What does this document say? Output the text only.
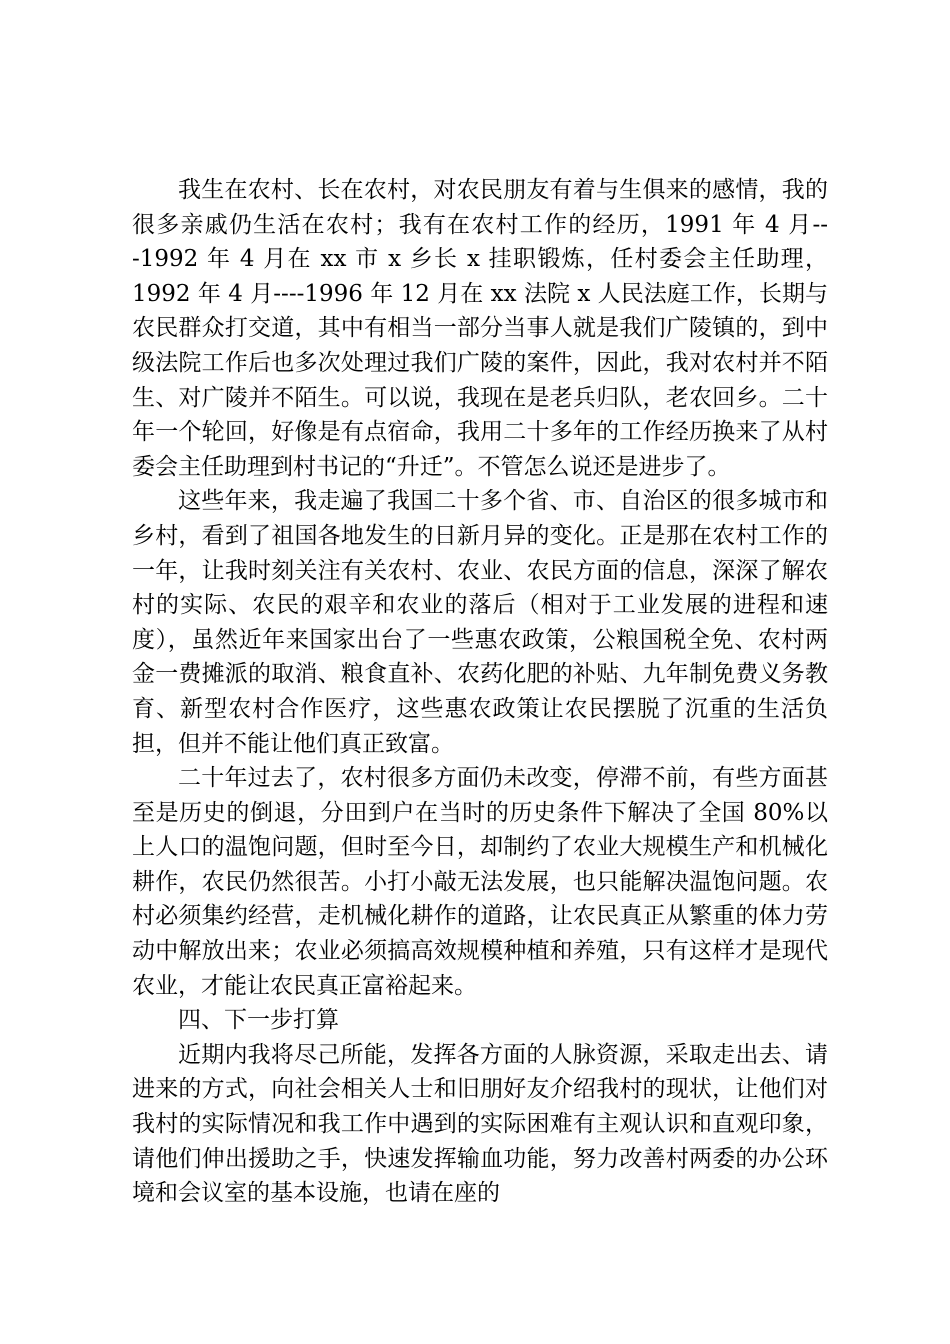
我生在农村、长在农村，对农民朋友有着与生俱来的感情，我的很多亲戚仍生活在农村；我有在农村工作的经历，1991 年 4 月---1992 年 4 月在 xx 市 x 乡长 x 挂职锻炼，任村委会主任助理，1992 年 4 月----1996 年 12 月在 xx 法院 x 人民法庭工作，长期与农民群众打交道，其中有相当一部分当事人就是我们广陵镇的，到中级法院工作后也多次处理过我们广陵的案件，因此，我对农村并不陌生、对广陵并不陌生。可以说，我现在是老兵归队，老农回乡。二十年一个轮回，好像是有点宿命，我用二十多年的工作经历换来了从村委会主任助理到村书记的“升迁”。不管怎么说还是进步了。

这些年来，我走遍了我国二十多个省、市、自治区的很多城市和乡村，看到了祖国各地发生的日新月异的变化。正是那在农村工作的一年，让我时刻关注有关农村、农业、农民方面的信息，深深了解农村的实际、农民的艰辛和农业的落后（相对于工业发展的进程和速度），虽然近年来国家出台了一些惠农政策，公粮国税全免、农村两金一费摊派的取消、粮食直补、农药化肥的补贴、九年制免费义务教育、新型农村合作医疗，这些惠农政策让农民摆脱了沉重的生活负担，但并不能让他们真正致富。

二十年过去了，农村很多方面仍未改变，停滞不前，有些方面甚至是历史的倒退，分田到户在当时的历史条件下解决了全国 80%以上人口的温饱问题，但时至今日，却制约了农业大规模生产和机械化耕作，农民仍然很苦。小打小敲无法发展，也只能解决温饱问题。农村必须集约经营，走机械化耕作的道路，让农民真正从繁重的体力劳动中解放出来；农业必须搞高效规模种植和养殖，只有这样才是现代农业，才能让农民真正富裕起来。

四、下一步打算

近期内我将尽己所能，发挥各方面的人脉资源，采取走出去、请进来的方式，向社会相关人士和旧朋好友介绍我村的现状，让他们对我村的实际情况和我工作中遇到的实际困难有主观认识和直观印象，请他们伸出援助之手，快速发挥输血功能，努力改善村两委的办公环境和会议室的基本设施，也请在座的
